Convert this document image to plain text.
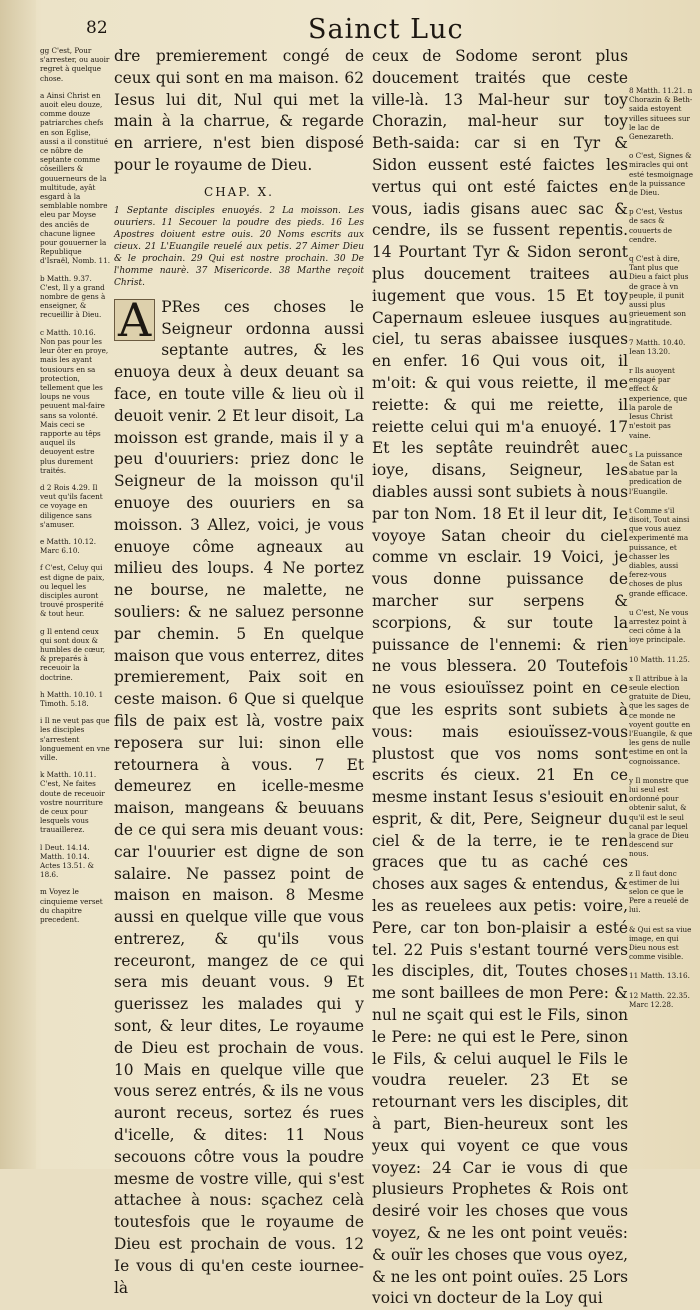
82	Sainct Luc

gg C'est, Pour s'arrester, ou auoir regret à quelque chose.

a Ainsi Christ en auoit eleu douze, comme douze patriarches chefs en son Eglise, aussi a il constitué ce nôbre de septante comme côseillers & gouuerneurs de la multitude, ayât esgard à la semblable nombre eleu par Moyse des anciês de chacune lignee pour gouuerner la Republique d'Israël, Nomb. 11.

b Matth. 9.37. C'est, Il y a grand nombre de gens à enseigner, & recueillir à Dieu.

c Matth. 10.16. Non pas pour les leur ôter en proye, mais les ayant tousiours en sa protection, tellement que les loups ne vous peuuent mal-faire sans sa volonté. Mais ceci se rapporte au têps auquel ils deuoyent estre plus durement traités.

d 2 Rois 4.29. Il veut qu'ils facent ce voyage en diligence sans s'amuser.

e Matth. 10.12. Marc 6.10.

f C'est, Celuy qui est digne de paix, ou lequel les disciples auront trouvé prosperité & tout heur.

g Il entend ceux qui sont doux & humbles de cœur, & preparés à receuoir la doctrine.

h Matth. 10.10. 1 Timoth. 5.18.

i Il ne veut pas que les disciples s'arrestent longuement en vne ville.

k Matth. 10.11. C'est, Ne faites doute de receuoir vostre nourriture de ceux pour lesquels vous trauaillerez.

l Deut. 14.14. Matth. 10.14. Actes 13.51. & 18.6.

m Voyez le cinquieme verset du chapitre precedent.

dre premierement congé de ceux qui sont en ma maison. 62 Iesus lui dit, Nul qui met la main à la charrue, & regarde en arriere, n'est bien disposé pour le royaume de Dieu.

CHAP. X.

1 Septante disciples enuoyés. 2 La moisson. Les ouuriers. 11 Secouer la poudre des pieds. 16 Les Apostres doiuent estre ouis. 20 Noms escrits aux cieux. 21 L'Euangile reuelé aux petis. 27 Aimer Dieu & le prochain. 29 Qui est nostre prochain. 30 De l'homme naurè. 37 Misericorde. 38 Marthe reçoit Christ.

A PRes ces choses le Seigneur ordonna aussi septante autres, & les enuoya deux à deux deuant sa face, en toute ville & lieu où il deuoit venir. 2 Et leur disoit, La moisson est grande, mais il y a peu d'ouuriers: priez donc le Seigneur de la moisson qu'il enuoye des ouuriers en sa moisson. 3 Allez, voici, je vous enuoye côme agneaux au milieu des loups. 4 Ne portez ne bourse, ne malette, ne souliers: & ne saluez personne par chemin. 5 En quelque maison que vous enterrez, dites premierement, Paix soit en ceste maison. 6 Que si quelque fils de paix est là, vostre paix reposera sur lui: sinon elle retournera à vous. 7 Et demeurez en icelle-mesme maison, mangeans & beuuans de ce qui sera mis deuant vous: car l'ouurier est digne de son salaire. Ne passez point de maison en maison. 8 Mesme aussi en quelque ville que vous entrerez, & qu'ils vous receuront, mangez de ce qui sera mis deuant vous. 9 Et guerissez les malades qui y sont, & leur dites, Le royaume de Dieu est prochain de vous. 10 Mais en quelque ville que vous serez entrés, & ils ne vous auront receus, sortez és rues d'icelle, & dites: 11 Nous secouons côtre vous la poudre mesme de vostre ville, qui s'est attachee à nous: sçachez celà toutesfois que le royaume de Dieu est prochain de vous. 12 Ie vous di qu'en ceste iournee-là

ceux de Sodome seront plus doucement traités que ceste ville-là. 13 Mal-heur sur toy Chorazin, mal-heur sur toy Beth-saida: car si en Tyr & Sidon eussent esté faictes les vertus qui ont esté faictes en vous, iadis gisans auec sac & cendre, ils se fussent repentis. 14 Pourtant Tyr & Sidon seront plus doucement traitees au iugement que vous. 15 Et toy Capernaum esleuee iusques au ciel, tu seras abaissee iusques en enfer. 16 Qui vous oit, il m'oit: & qui vous reiette, il me reiette: & qui me reiette, il reiette celui qui m'a enuoyé. 17 Et les septâte reuindrêt auec ioye, disans, Seigneur, les diables aussi sont subiets à nous par ton Nom. 18 Et il leur dit, Ie voyoye Satan cheoir du ciel comme vn esclair. 19 Voici, je vous donne puissance de marcher sur serpens & scorpions, & sur toute la puissance de l'ennemi: & rien ne vous blessera. 20 Toutefois ne vous esiouïssez point en ce que les esprits sont subiets à vous: mais esiouïssez-vous plustost que vos noms sont escrits és cieux. 21 En ce mesme instant Iesus s'esiouit en esprit, & dit, Pere, Seigneur du ciel & de la terre, ie te ren graces que tu as caché ces choses aux sages & entendus, & les as reuelees aux petis: voire, Pere, car ton bon-plaisir a esté tel. 22 Puis s'estant tourné vers les disciples, dit, Toutes choses me sont baillees de mon Pere: & nul ne sçait qui est le Fils, sinon le Pere: ne qui est le Pere, sinon le Fils, & celui auquel le Fils le voudra reueler. 23 Et se retournant vers les disciples, dit à part, Bien-heureux sont les yeux qui voyent ce que vous voyez: 24 Car ie vous di que plusieurs Prophetes & Rois ont desiré voir les choses que vous voyez, & ne les ont point veuës: & ouïr les choses que vous oyez, & ne les ont point ouïes. 25 Lors voici vn docteur de la Loy qui

8 Matth. 11.21. n Chorazin & Beth-saida estoyent villes situees sur le lac de Genezareth.

o C'est, Signes & miracles qui ont esté tesmoignage de la puissance de Dieu.

p C'est, Vestus de sacs & couuerts de cendre.

q C'est à dire, Tant plus que Dieu a faict plus de grace à vn peuple, il punit aussi plus grieuement son ingratitude.

7 Matth. 10.40. Iean 13.20.

r Ils auoyent engagé par effect & experience, que la parole de Iesus Christ n'estoit pas vaine.

s La puissance de Satan est abatue par la predication de l'Euangile.

t Comme s'il disoit, Tout ainsi que vous auez experimenté ma puissance, et chasser les diables, aussi ferez-vous choses de plus grande efficace.

u C'est, Ne vous arrestez point à ceci côme à la ioye principale.

10 Matth. 11.25.

x Il attribue à la seule election gratuite de Dieu, que les sages de ce monde ne voyent goutte en l'Euangile, & que les gens de nulle estime en ont la cognoissance.

y Il monstre que lui seul est ordonné pour obtenir salut, & qu'il est le seul canal par lequel la grace de Dieu descend sur nous.

z Il faut donc estimer de lui selon ce que le Pere a reuelé de lui.

& Qui est sa viue image, en qui Dieu nous est comme visible.

11 Matth. 13.16.

12 Matth. 22.35. Marc 12.28.
